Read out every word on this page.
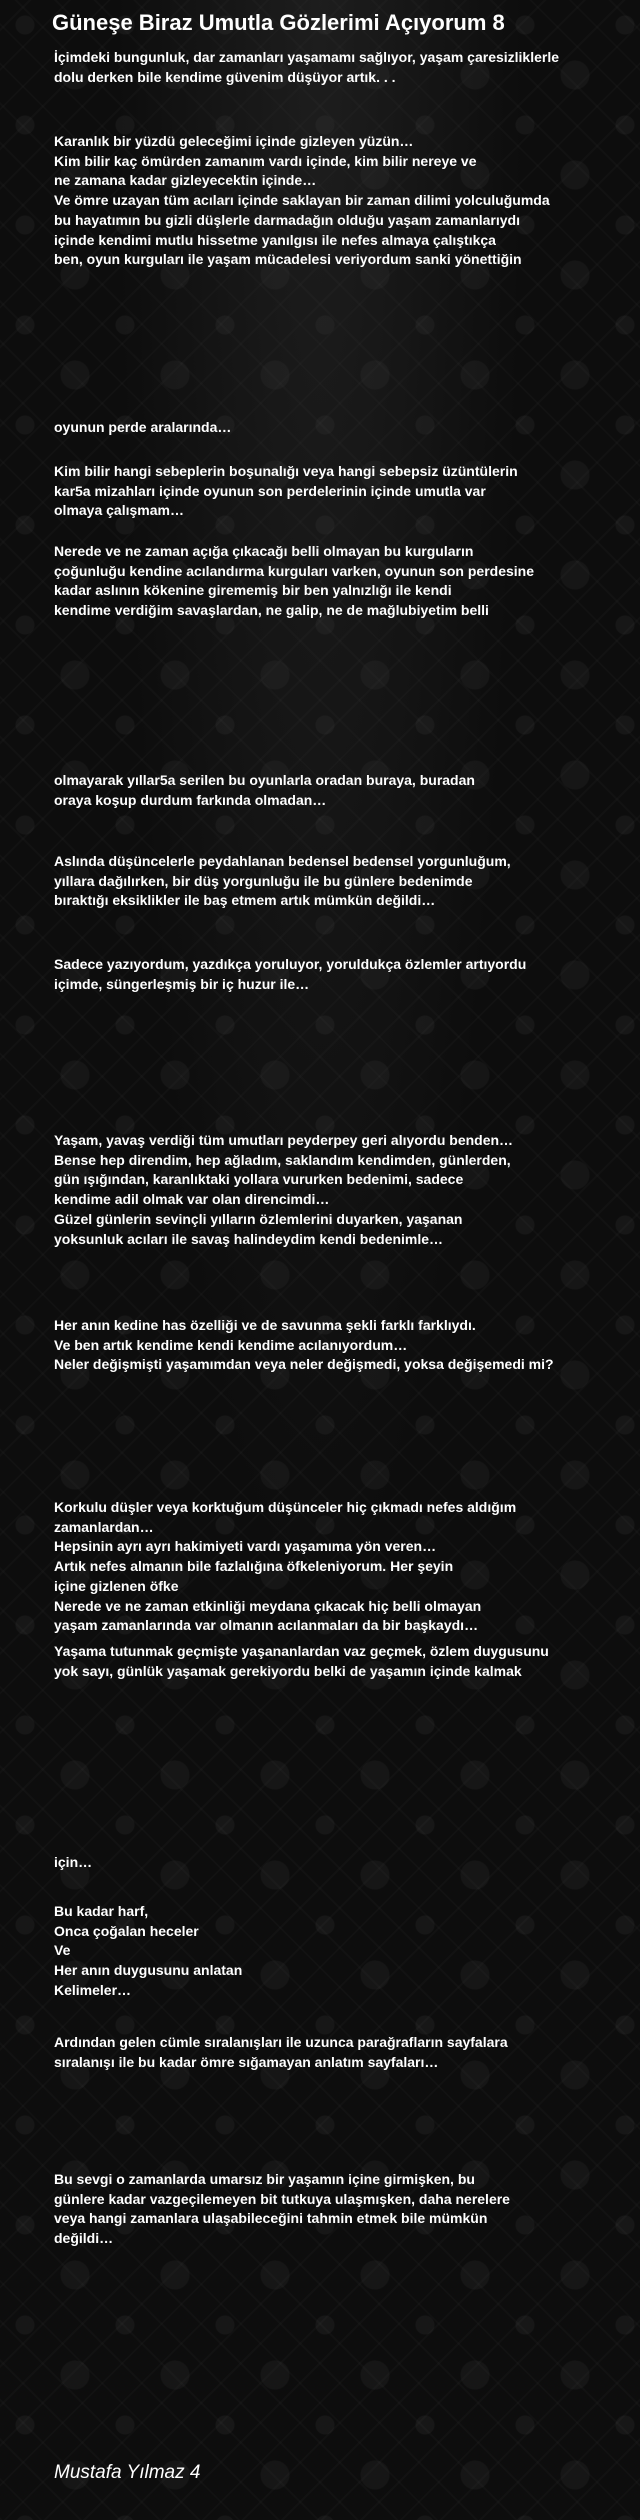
Güneşe Biraz Umutla Gözlerimi Açıyorum 8
İçimdeki bungunluk, dar zamanları yaşamamı sağlıyor, yaşam çaresizliklerle
dolu derken bile kendime güvenim düşüyor artık. . .
Karanlık bir yüzdü geleceğimi içinde gizleyen yüzün…
Kim bilir kaç ömürden zamanım vardı içinde, kim bilir nereye ve
ne zamana kadar gizleyecektin içinde…
Ve ömre uzayan tüm acıları içinde saklayan bir zaman dilimi yolculuğumda
bu hayatımın bu gizli düşlerle darmadağın olduğu yaşam zamanlarıydı
içinde kendimi mutlu hissetme yanılgısı ile nefes almaya çalıştıkça
ben, oyun kurguları ile yaşam mücadelesi veriyordum sanki yönettiğin
oyunun perde aralarında…
Kim bilir hangi sebeplerin boşunalığı veya hangi sebepsiz üzüntülerin
kar5a mizahları içinde oyunun son perdelerinin içinde umutla var
olmaya çalışmam…
Nerede ve ne zaman açığa çıkacağı belli olmayan bu kurguların
çoğunluğu kendine acılandırma kurguları varken, oyunun son perdesine
kadar aslının kökenine girememiş bir ben yalnızlığı ile kendi
kendime verdiğim savaşlardan, ne galip, ne de mağlubiyetim belli
olmayarak yıllar5a serilen bu oyunlarla oradan buraya, buradan
oraya koşup durdum farkında olmadan…
Aslında düşüncelerle peydahlanan bedensel bedensel yorgunluğum,
yıllara dağılırken, bir düş yorgunluğu ile bu günlere bedenimde
bıraktığı eksiklikler ile baş etmem artık mümkün değildi…
Sadece yazıyordum, yazdıkça yoruluyor, yoruldukça özlemler artıyordu
içimde, süngerleşmiş bir iç huzur ile…
Yaşam, yavaş verdiği tüm umutları peyderpey geri alıyordu benden…
Bense hep direndim, hep ağladım, saklandım kendimden, günlerden,
gün ışığından, karanlıktaki yollara vururken bedenimi, sadece
kendime adil olmak var olan direncimdi…
Güzel günlerin sevinçli yılların özlemlerini duyarken, yaşanan
yoksunluk acıları ile savaş halindeydim kendi bedenimle…
Her anın kedine has özelliği ve de savunma şekli farklı farklıydı.
Ve ben artık kendime kendi kendime acılanıyordum…
Neler değişmişti yaşamımdan veya neler değişmedi, yoksa değişemedi mi?
Korkulu düşler veya korktuğum düşünceler hiç çıkmadı nefes aldığım
zamanlardan…
Hepsinin ayrı ayrı hakimiyeti vardı yaşamıma yön veren…
Artık nefes almanın bile fazlalığına öfkeleniyorum. Her şeyin
içine gizlenen öfke
Nerede ve ne zaman etkinliği meydana çıkacak hiç belli olmayan
yaşam zamanlarında var olmanın acılanmaları da bir başkaydı…
Yaşama tutunmak geçmişte yaşananlardan vaz geçmek, özlem duygusunu
yok sayı, günlük yaşamak gerekiyordu belki de yaşamın içinde kalmak
için…
Bu kadar harf,
Onca çoğalan heceler
Ve
Her anın duygusunu anlatan
Kelimeler…
Ardından gelen cümle sıralanışları ile uzunca parağrafların sayfalara
sıralanışı ile bu kadar ömre sığamayan anlatım sayfaları…
Bu sevgi o zamanlarda umarsız bir yaşamın içine girmişken, bu
günlere kadar vazgeçilemeyen bit tutkuya ulaşmışken, daha nerelere
veya hangi zamanlara ulaşabileceğini tahmin etmek bile mümkün
değildi…

Mustafa Yılmaz 4
